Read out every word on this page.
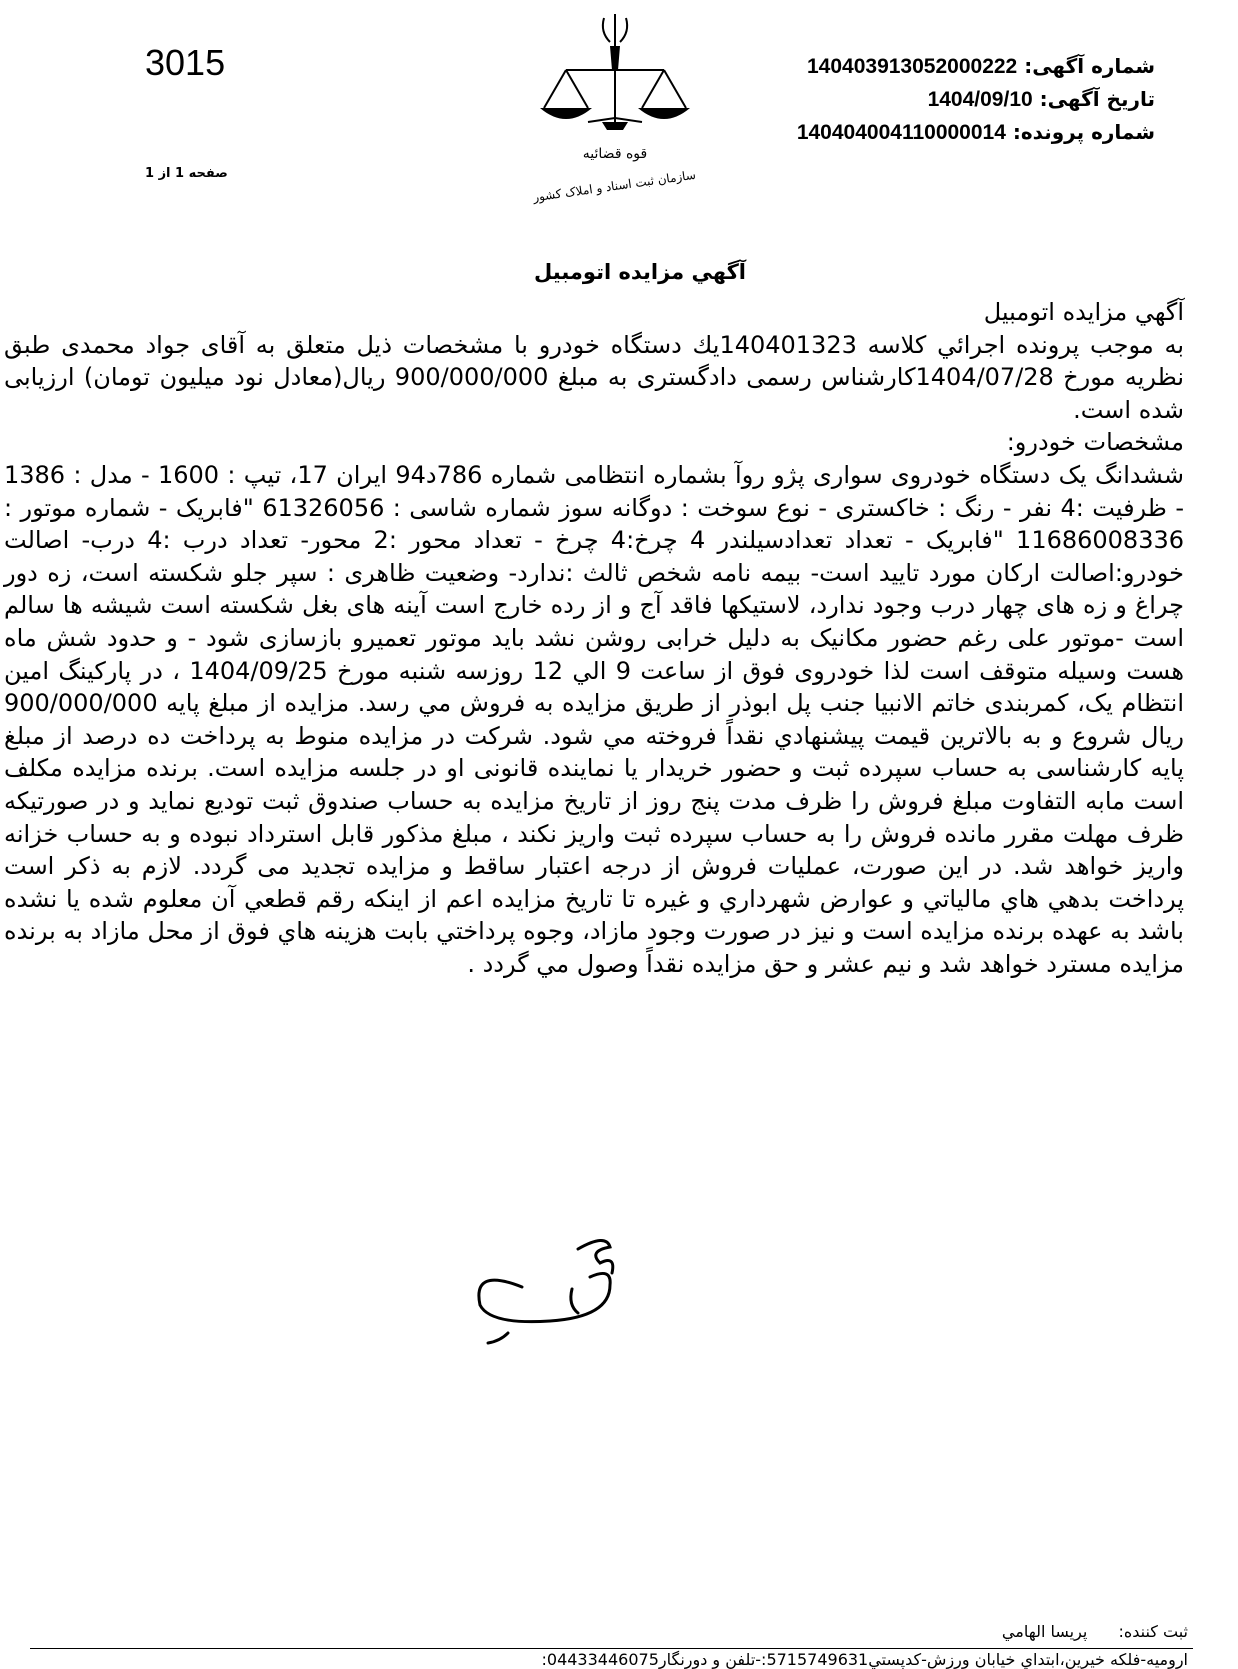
3015
صفحه 1 از 1
قوه قضائیه
سازمان ثبت اسناد و املاک کشور
شماره آگهی: 140403913052000222
تاریخ آگهی: 1404/09/10
شماره پرونده: 140404004110000014
آگهي مزايده اتومبيل

آگهي مزايده اتومبيل

به موجب پرونده اجرائي كلاسه 140401323يك دستگاه خودرو با مشخصات ذيل متعلق به آقای جواد محمدی طبق نظريه مورخ 1404/07/28كارشناس رسمی دادگستری به مبلغ 900/000/000 ريال(معادل نود ميليون تومان) ارزيابی شده است.

مشخصات خودرو:

ششدانگ يک دستگاه خودروی سواری پژو روآ بشماره انتظامی شماره 786د94 ايران 17، تيپ : 1600 - مدل : 1386 - ظرفيت :4 نفر - رنگ : خاکستری - نوع سوخت : دوگانه سوز شماره شاسی : 61326056 "فابريک - شماره موتور : 11686008336 "فابريک - تعداد تعدادسيلندر 4 چرخ:4 چرخ - تعداد محور :2 محور- تعداد درب :4 درب- اصالت خودرو:اصالت اركان مورد تاييد است- بيمه نامه شخص ثالث :ندارد- وضعيت ظاهری : سپر جلو شكسته است، زه دور چراغ و زه های چهار درب وجود ندارد، لاستيكها فاقد آج و از رده خارج است آينه های بغل شكسته است شيشه ها سالم است -موتور علی رغم حضور مكانيک به دليل خرابی روشن نشد بايد موتور تعميرو بازسازی شود - و حدود شش ماه هست وسيله متوقف است لذا خودروی فوق از ساعت 9 الي 12 روزسه شنبه مورخ 1404/09/25 ، در پاركينگ امين انتظام يک، كمربندی خاتم الانبيا جنب پل ابوذر از طريق مزايده به فروش مي رسد. مزايده از مبلغ پايه 900/000/000 ريال شروع و به بالاترين قيمت پيشنهادي نقداً فروخته مي شود. شركت در مزايده منوط به پرداخت ده درصد از مبلغ پايه كارشناسی به حساب سپرده ثبت و حضور خريدار يا نماينده قانونی او در جلسه مزايده است. برنده مزايده مكلف است مابه التفاوت مبلغ فروش را ظرف مدت پنج روز از تاريخ مزايده به حساب صندوق ثبت توديع نمايد و در صورتيكه ظرف مهلت مقرر مانده فروش را به حساب سپرده ثبت واريز نكند ، مبلغ مذكور قابل استرداد نبوده و به حساب خزانه واريز خواهد شد. در اين صورت، عمليات فروش از درجه اعتبار ساقط و مزايده تجديد می گردد. لازم به ذكر است پرداخت بدهي هاي مالياتي و عوارض شهرداري و غيره تا تاريخ مزايده اعم از اينكه رقم قطعي آن معلوم شده يا نشده باشد به عهده برنده مزايده است و نيز در صورت وجود مازاد، وجوه پرداختي بابت هزينه هاي فوق از محل مازاد به برنده مزايده مسترد خواهد شد و نيم عشر و حق مزايده نقداً وصول مي گردد .

ثبت كننده: پريسا الهامي
اروميه-فلكه خيرين،ابتداي خيابان ورزش-كدپستي5715749631:-تلفن و دورنگار04433446075:
